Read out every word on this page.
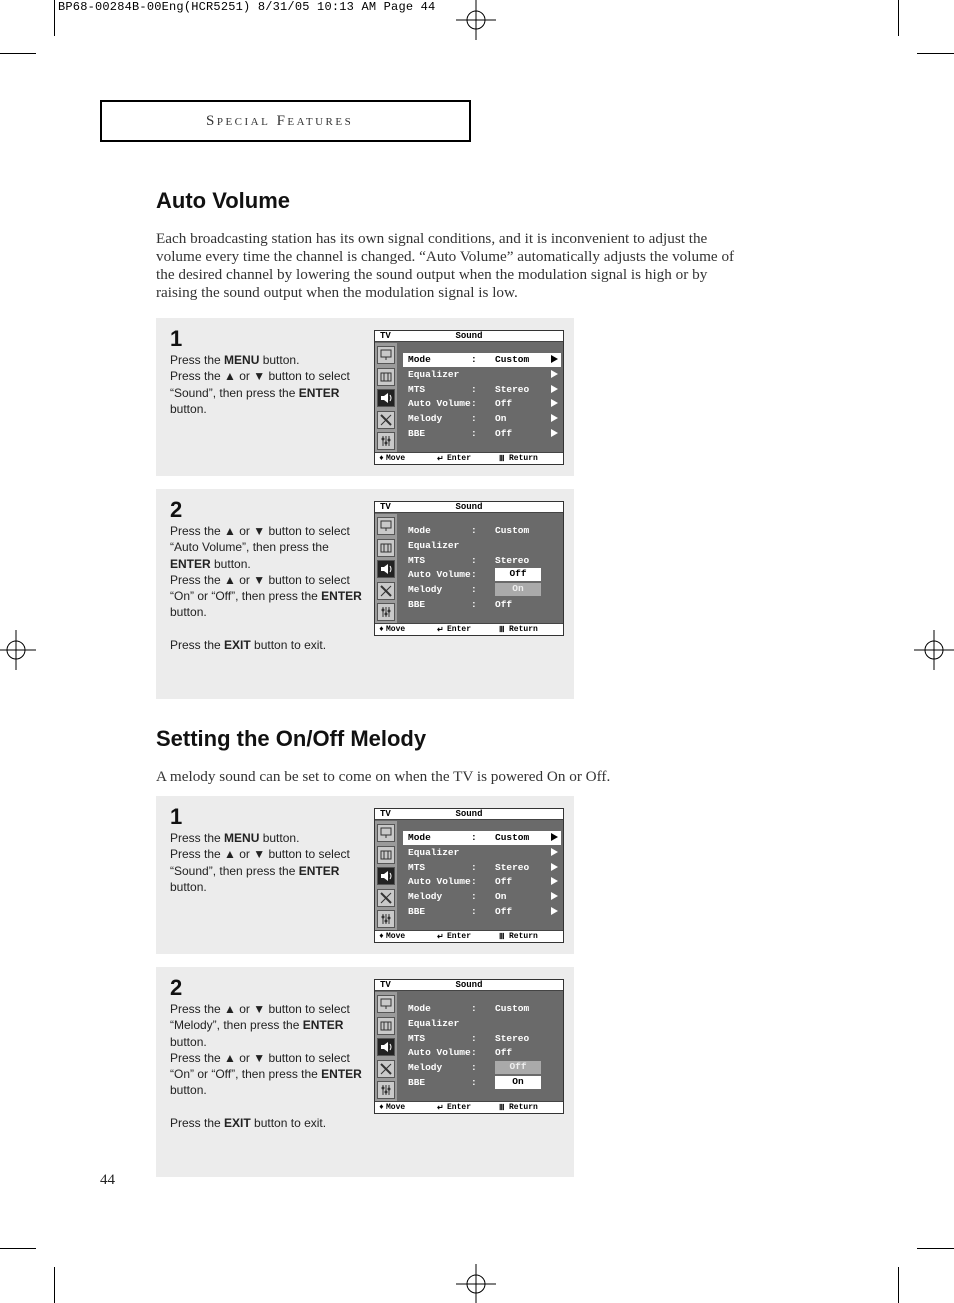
BP68-00284B-00Eng(HCR5251) 8/31/05 10:13 AM Page 44
Special Features
Auto Volume
Each broadcasting station has its own signal conditions, and it is inconvenient to adjust the
volume every time the channel is changed. “Auto Volume” automatically adjusts the volume of
the desired channel by lowering the sound output when the modulation signal is high or by
raising the sound output when the modulation signal is low.
1
Press the MENU button.
Press the ▲ or ▼ button to select
“Sound”, then press the ENTER
button.
TV	Sound
Mode	: Custom
Equalizer
MTS	: Stereo
Auto Volume : Off
Melody	: On
BBE	: Off
♦ Move	↵ Enter	Ⅲ Return
2
Press the ▲ or ▼ button to select
“Auto Volume”, then press the
ENTER button.
Press the ▲ or ▼ button to select
“On” or “Off”, then press the ENTER
button.
Press the EXIT button to exit.
TV	Sound
Mode	: Custom
Equalizer
MTS	: Stereo
Auto Volume :	Off
Melody	:	On
BBE	: Off
♦ Move	↵ Enter	Ⅲ Return
Setting the On/Off Melody
A melody sound can be set to come on when the TV is powered On or Off.
1
Press the MENU button.
Press the ▲ or ▼ button to select
“Sound”, then press the ENTER
button.
TV	Sound
Mode	: Custom
Equalizer
MTS	: Stereo
Auto Volume : Off
Melody	: On
BBE	: Off
♦ Move	↵ Enter	Ⅲ Return
2
Press the ▲ or ▼ button to select
“Melody”, then press the ENTER
button.
Press the ▲ or ▼ button to select
“On” or “Off”, then press the ENTER
button.
Press the EXIT button to exit.
TV	Sound
Mode	: Custom
Equalizer
MTS	: Stereo
Auto Volume : Off
Melody	:	Off
BBE	:	On
♦ Move	↵ Enter	Ⅲ Return
44
